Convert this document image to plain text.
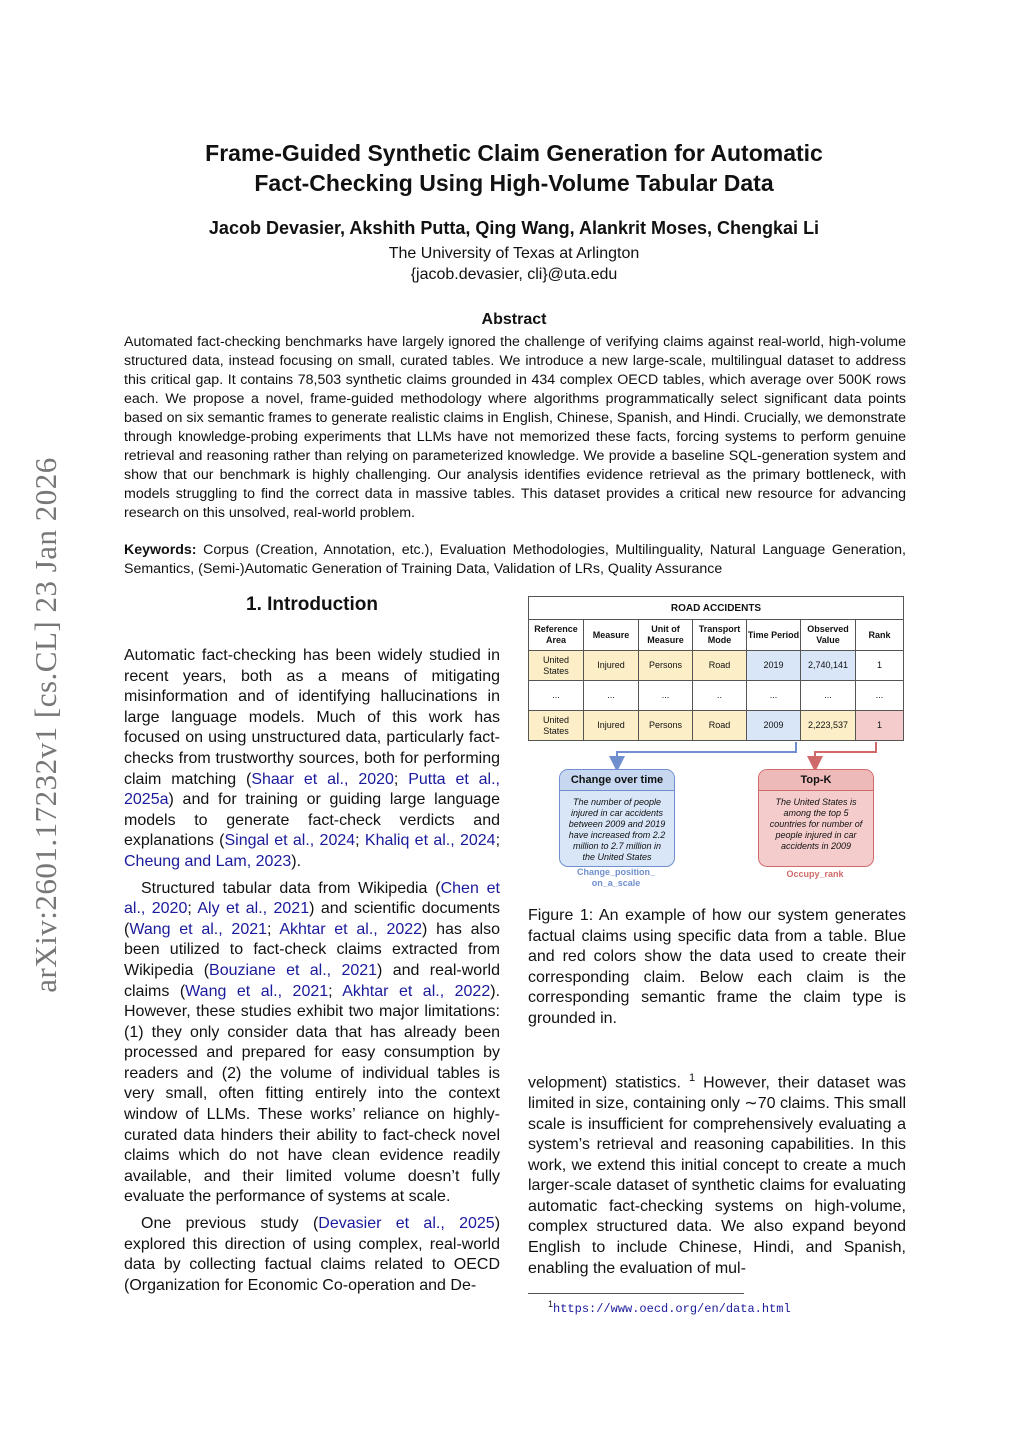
arXiv:2601.17232v1 [cs.CL] 23 Jan 2026
Frame-Guided Synthetic Claim Generation for Automatic
Fact-Checking Using High-Volume Tabular Data
Jacob Devasier, Akshith Putta, Qing Wang, Alankrit Moses, Chengkai Li
The University of Texas at Arlington
{jacob.devasier, cli}@uta.edu
Abstract
Automated fact-checking benchmarks have largely ignored the challenge of verifying claims against real-world, high-volume structured data, instead focusing on small, curated tables. We introduce a new large-scale, multilingual dataset to address this critical gap. It contains 78,503 synthetic claims grounded in 434 complex OECD tables, which average over 500K rows each. We propose a novel, frame-guided methodology where algorithms programmatically select significant data points based on six semantic frames to generate realistic claims in English, Chinese, Spanish, and Hindi. Crucially, we demonstrate through knowledge-probing experiments that LLMs have not memorized these facts, forcing systems to perform genuine retrieval and reasoning rather than relying on parameterized knowledge. We provide a baseline SQL-generation system and show that our benchmark is highly challenging. Our analysis identifies evidence retrieval as the primary bottleneck, with models struggling to find the correct data in massive tables. This dataset provides a critical new resource for advancing research on this unsolved, real-world problem.
Keywords: Corpus (Creation, Annotation, etc.), Evaluation Methodologies, Multilinguality, Natural Language Generation, Semantics, (Semi-)Automatic Generation of Training Data, Validation of LRs, Quality Assurance
1. Introduction

Automatic fact-checking has been widely studied in recent years, both as a means of mitigating misinformation and of identifying hallucinations in large language models. Much of this work has focused on using unstructured data, particularly fact-checks from trustworthy sources, both for performing claim matching (Shaar et al., 2020; Putta et al., 2025a) and for training or guiding large language models to generate fact-check verdicts and explanations (Singal et al., 2024; Khaliq et al., 2024; Cheung and Lam, 2023).

Structured tabular data from Wikipedia (Chen et al., 2020; Aly et al., 2021) and scientific documents (Wang et al., 2021; Akhtar et al., 2022) has also been utilized to fact-check claims extracted from Wikipedia (Bouziane et al., 2021) and real-world claims (Wang et al., 2021; Akhtar et al., 2022). However, these studies exhibit two major limitations: (1) they only consider data that has already been processed and prepared for easy consumption by readers and (2) the volume of individual tables is very small, often fitting entirely into the context window of LLMs. These works’ reliance on highly-curated data hinders their ability to fact-check novel claims which do not have clean evidence readily available, and their limited volume doesn’t fully evaluate the performance of systems at scale.

One previous study (Devasier et al., 2025) explored this direction of using complex, real-world data by collecting factual claims related to OECD (Organization for Economic Co-operation and De-

ROAD ACCIDENTS						
Reference Area	Measure	Unit of Measure	Transport Mode	Time Period	Observed Value	Rank
United States	Injured	Persons	Road	2019	2,740,141	1
...	...	...	..	...	...	...
United States	Injured	Persons	Road	2009	2,223,537	1
Change over time
The number of people injured in car accidents between 2009 and 2019 have increased from 2.2 million to 2.7 million in the United States
Change_position_ on_a_scale
Top-K
The United States is among the top 5 countries for number of people injured in car accidents in 2009
Occupy_rank
Figure 1: An example of how our system generates factual claims using specific data from a table. Blue and red colors show the data used to create their corresponding claim. Below each claim is the corresponding semantic frame the claim type is grounded in.
velopment) statistics. $^1$ However, their dataset was limited in size, containing only ∼70 claims. This small scale is insufficient for comprehensively evaluating a system’s retrieval and reasoning capabilities. In this work, we extend this initial concept to create a much larger-scale dataset of synthetic claims for evaluating automatic fact-checking systems on high-volume, complex structured data. We also expand beyond English to include Chinese, Hindi, and Spanish, enabling the evaluation of mul-
$^1$https://www.oecd.org/en/data.html
